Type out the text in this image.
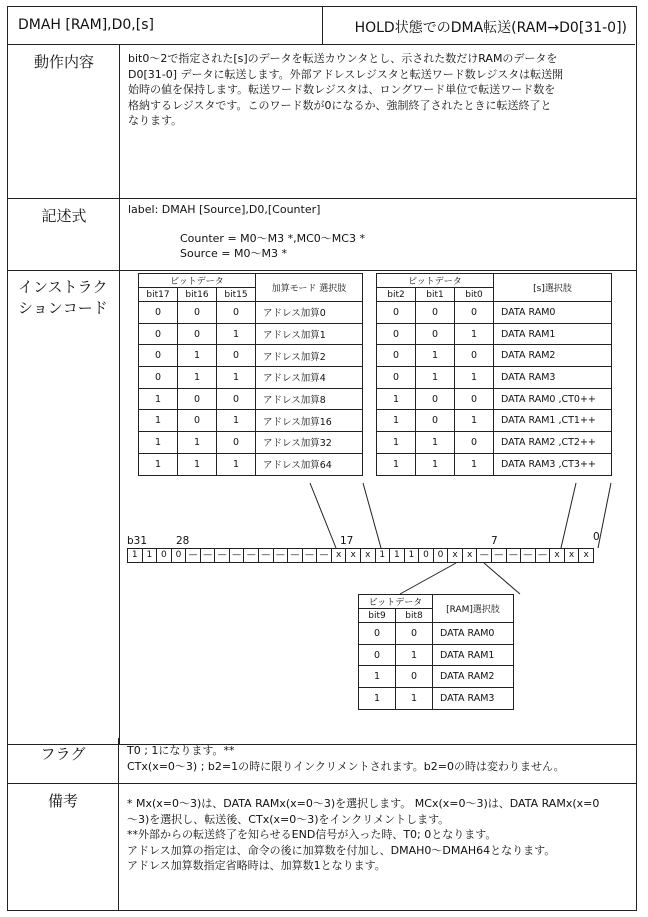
DMAH [RAM],D0,[s]	HOLD状態でのDMA転送(RAM→D0[31-0])
動作内容	bit0～2で指定された[s]のデータを転送カウンタとし、示された数だけRAMのデータを
D0[31-0] データに転送します。外部アドレスレジスタと転送ワード数レジスタは転送開
始時の値を保持します。転送ワード数レジスタは、ロングワード単位で転送ワード数を
格納するレジスタです。このワード数が0になるか、強制終了されたときに転送終了と
なります。
記述式	label: DMAH [Source],D0,[Counter]
Counter = M0～M3 *,MC0～MC3 *
Source = M0～M3 *
インストラク
ションコード
ビットデータ			加算モード 選択肢
bit17	bit16	bit15	
0	0	0	アドレス加算0
0	0	1	アドレス加算1
0	1	0	アドレス加算2
0	1	1	アドレス加算4
1	0	0	アドレス加算8
1	0	1	アドレス加算16
1	1	0	アドレス加算32
1	1	1	アドレス加算64
ビットデータ			[s]選択肢
bit2	bit1	bit0	
0	0	0	DATA RAM0
0	0	1	DATA RAM1
0	1	0	DATA RAM2
0	1	1	DATA RAM3
1	0	0	DATA RAM0 ,CT0++
1	0	1	DATA RAM1 ,CT1++
1	1	0	DATA RAM2 ,CT2++
1	1	1	DATA RAM3 ,CT3++
b31	28	17	7	0
1 1 0 0 — — — — — — — — — — x	x	x	1 1 1 0 0	x	x — — — — — x	x	x
ビットデータ		[RAM]選択肢
bit9	bit8	
0	0	DATA RAM0
0	1	DATA RAM1
1	0	DATA RAM2
1	1	DATA RAM3
フラグ	T0 ; 1になります。**
CTx(x=0～3) ; b2=1の時に限りインクリメントされます。b2=0の時は変わりません。
備考	* Mx(x=0～3)は、DATA RAMx(x=0～3)を選択します。 MCx(x=0～3)は、DATA RAMx(x=0
～3)を選択し、転送後、CTx(x=0～3)をインクリメントします。
**外部からの転送終了を知らせるEND信号が入った時、T0; 0となります。
アドレス加算の指定は、命令の後に加算数を付加し、DMAH0～DMAH64となります。
アドレス加算数指定省略時は、加算数1となります。
